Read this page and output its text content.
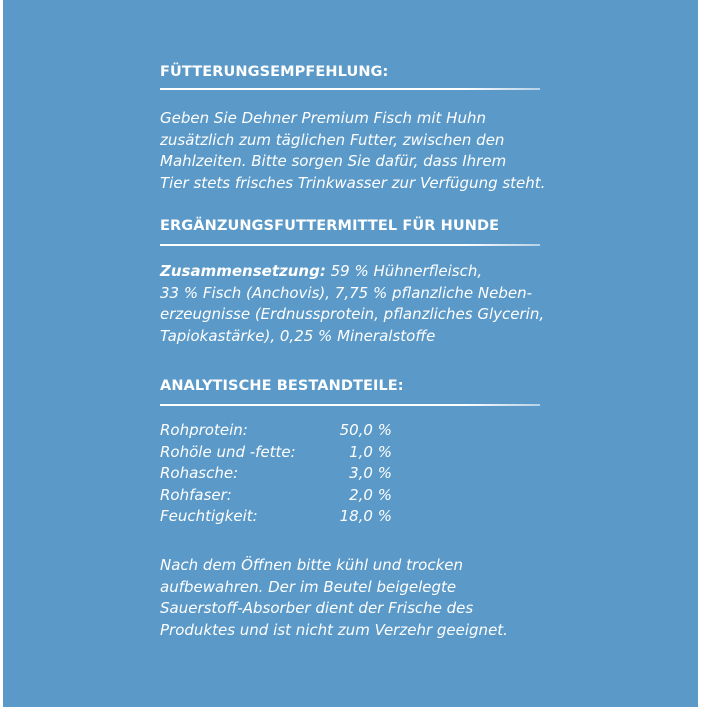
FÜTTERUNGSEMPFEHLUNG:
Geben Sie Dehner Premium Fisch mit Huhn
zusätzlich zum täglichen Futter, zwischen den
Mahlzeiten. Bitte sorgen Sie dafür, dass Ihrem
Tier stets frisches Trinkwasser zur Verfügung steht.
ERGÄNZUNGSFUTTERMITTEL FÜR HUNDE
Zusammensetzung: 59 % Hühnerfleisch,
33 % Fisch (Anchovis), 7,75 % pflanzliche Neben-
erzeugnisse (Erdnussprotein, pflanzliches Glycerin,
Tapiokastärke), 0,25 % Mineralstoffe
ANALYTISCHE BESTANDTEILE:
Rohprotein:	50,0 %
Rohöle und -fette:	1,0 %
Rohasche:	3,0 %
Rohfaser:	2,0 %
Feuchtigkeit:	18,0 %
Nach dem Öffnen bitte kühl und trocken
aufbewahren. Der im Beutel beigelegte
Sauerstoff-Absorber dient der Frische des
Produktes und ist nicht zum Verzehr geeignet.
